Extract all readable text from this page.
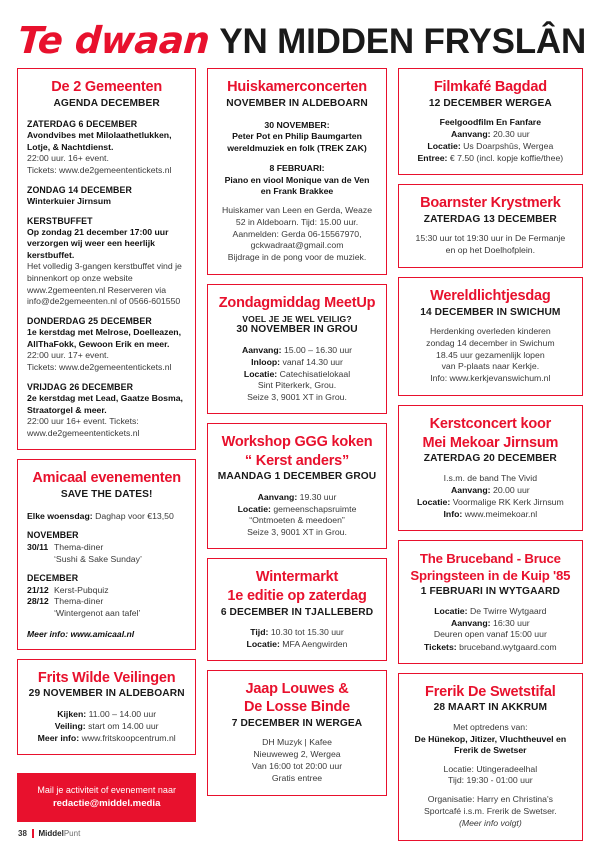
Te dwaan YN MIDDEN FRYSLÂN
De 2 Gemeenten
AGENDA DECEMBER
ZATERDAG 6 DECEMBER
Avondvibes met Milolaathetlukken, Lotje, & Nachtdienst.
22:00 uur. 16+ event.
Tickets: www.de2gemeententickets.nl
ZONDAG 14 DECEMBER
Winterkuier Jirnsum
KERSTBUFFET
Op zondag 21 december 17:00 uur verzorgen wij weer een heerlijk kerstbuffet.
Het volledig 3-gangen kerstbuffet vind je binnenkort op onze website www.2gemeenten.nl Reserveren via info@de2gemeenten.nl of 0566-601550
DONDERDAG 25 DECEMBER
1e kerstdag met Melrose, Doelleazen, AllThaFokk, Gewoon Erik en meer.
22:00 uur. 17+ event.
Tickets: www.de2gemeententickets.nl
VRIJDAG 26 DECEMBER
2e kerstdag met Lead, Gaatze Bosma, Straatorgel & meer.
22:00 uur 16+ event. Tickets: www.de2gemeententickets.nl
Amicaal evenementen
SAVE THE DATES!
Elke woensdag: Daghap voor €13,50
NOVEMBER
30/11 Thema-diner
‘Sushi & Sake Sunday’
DECEMBER
21/12 Kerst-Pubquiz
28/12 Thema-diner
‘Wintergenot aan tafel’
Meer info: www.amicaal.nl
Frits Wilde Veilingen
29 NOVEMBER IN ALDEBOARN
Kijken: 11.00 – 14.00 uur
Veiling: start om 14.00 uur
Meer info: www.fritskoopcentrum.nl
Mail je activiteit of evenement naar
redactie@middel.media
Huiskamerconcerten
NOVEMBER IN ALDEBOARN
30 NOVEMBER:
Peter Pot en Philip Baumgarten
wereldmuziek en folk (TREK ZAK)
8 FEBRUARI:
Piano en viool Monique van de Ven
en Frank Brakkee
Huiskamer van Leen en Gerda, Weaze
52 in Aldeboarn. Tijd: 15.00 uur.
Aanmelden: Gerda 06-15567970,
gckwadraat@gmail.com
Bijdrage in de pong voor de muziek.
Zondagmiddag MeetUp
VOEL JE JE WEL VEILIG?
30 NOVEMBER IN GROU
Aanvang: 15.00 – 16.30 uur
Inloop: vanaf 14.30 uur
Locatie: Catechisatielokaal
Sint Piterkerk, Grou.
Seize 3, 9001 XT in Grou.
Workshop GGG koken
“ Kerst anders”
MAANDAG 1 DECEMBER GROU
Aanvang: 19.30 uur
Locatie: gemeenschapsruimte
“Ontmoeten & meedoen”
Seize 3, 9001 XT in Grou.
Wintermarkt
1e editie op zaterdag
6 DECEMBER IN TJALLEBERD
Tijd: 10.30 tot 15.30 uur
Locatie: MFA Aengwirden
Jaap Louwes &
De Losse Binde
7 DECEMBER IN WERGEA
DH Muzyk | Kafee
Nieuweweg 2, Wergea
Van 16:00 tot 20:00 uur
Gratis entree
Filmkafé Bagdad
12 DECEMBER WERGEA
Feelgoodfilm En Fanfare
Aanvang: 20.30 uur
Locatie: Us Doarpshûs, Wergea
Entree: € 7.50 (incl. kopje koffie/thee)
Boarnster Krystmerk
ZATERDAG 13 DECEMBER
15:30 uur tot 19:30 uur in De Fermanje
en op het Doelhofplein.
Wereldlichtjesdag
14 DECEMBER IN SWICHUM
Herdenking overleden kinderen
zondag 14 december in Swichum
18.45 uur gezamenlijk lopen
van P-plaats naar Kerkje.
Info: www.kerkjevanswichum.nl
Kerstconcert koor
Mei Mekoar Jirnsum
ZATERDAG 20 DECEMBER
I.s.m. de band The Vivid
Aanvang: 20.00 uur
Locatie: Voormalige RK Kerk Jirnsum
Info: www.meimekoar.nl
The Bruceband - Bruce
Springsteen in de Kuip '85
1 FEBRUARI IN WYTGAARD
Locatie: De Twirre Wytgaard
Aanvang: 16:30 uur
Deuren open vanaf 15:00 uur
Tickets: bruceband.wytgaard.com
Frerik De Swetstifal
28 MAART IN AKKRUM
Met optredens van:
De Hünekop, Jitizer, Vluchtheuvel en
Frerik de Swetser
Locatie: Utingeradeelhal
Tijd: 19:30 - 01:00 uur
Organisatie: Harry en Christina's
Sportcafé i.s.m. Frerik de Swetser.
(Meer info volgt)
38 MiddelPunt
